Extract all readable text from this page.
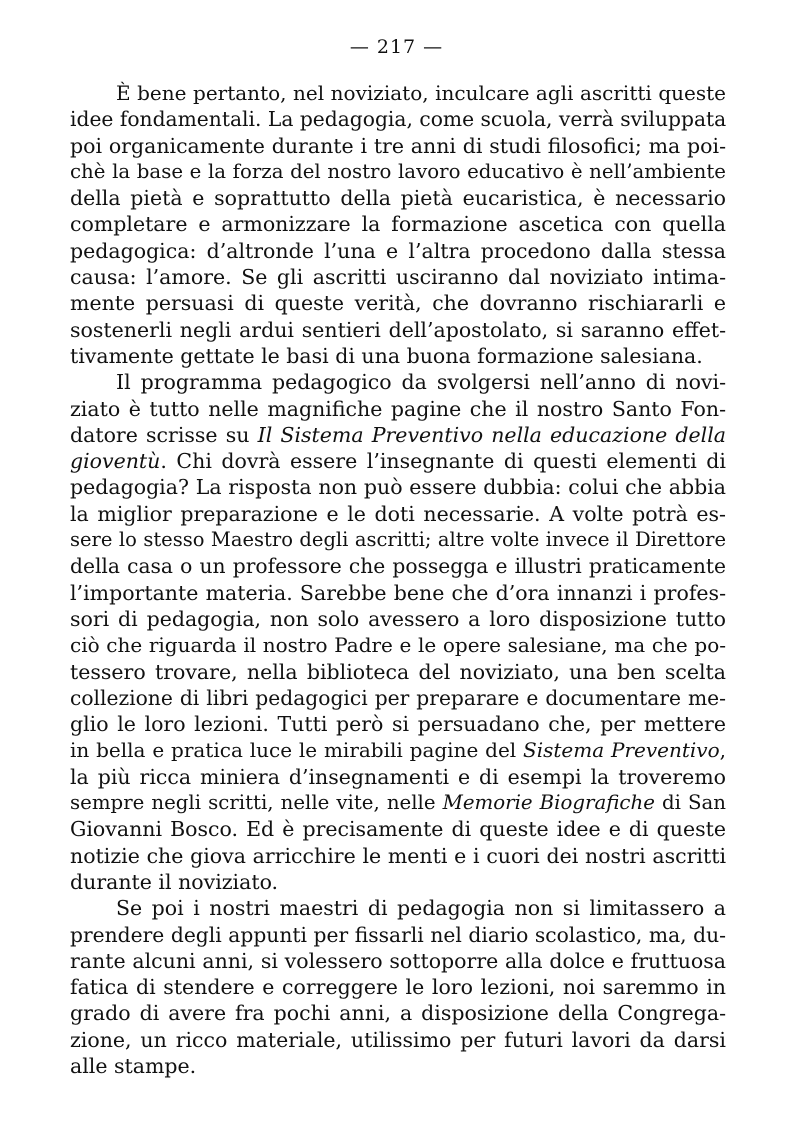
— 217 —
È bene pertanto, nel noviziato, inculcare agli ascritti queste
idee fondamentali. La pedagogia, come scuola, verrà sviluppata
poi organicamente durante i tre anni di studi filosofici; ma poi-
chè la base e la forza del nostro lavoro educativo è nell’ambiente
della pietà e soprattutto della pietà eucaristica, è necessario
completare e armonizzare la formazione ascetica con quella
pedagogica: d’altronde l’una e l’altra procedono dalla stessa
causa: l’amore. Se gli ascritti usciranno dal noviziato intima-
mente persuasi di queste verità, che dovranno rischiararli e
sostenerli negli ardui sentieri dell’apostolato, si saranno effet-
tivamente gettate le basi di una buona formazione salesiana.
Il programma pedagogico da svolgersi nell’anno di novi-
ziato è tutto nelle magnifiche pagine che il nostro Santo Fon-
datore scrisse su Il Sistema Preventivo nella educazione della
gioventù. Chi dovrà essere l’insegnante di questi elementi di
pedagogia? La risposta non può essere dubbia: colui che abbia
la miglior preparazione e le doti necessarie. A volte potrà es-
sere lo stesso Maestro degli ascritti; altre volte invece il Direttore
della casa o un professore che possegga e illustri praticamente
l’importante materia. Sarebbe bene che d’ora innanzi i profes-
sori di pedagogia, non solo avessero a loro disposizione tutto
ciò che riguarda il nostro Padre e le opere salesiane, ma che po-
tessero trovare, nella biblioteca del noviziato, una ben scelta
collezione di libri pedagogici per preparare e documentare me-
glio le loro lezioni. Tutti però si persuadano che, per mettere
in bella e pratica luce le mirabili pagine del Sistema Preventivo,
la più ricca miniera d’insegnamenti e di esempi la troveremo
sempre negli scritti, nelle vite, nelle Memorie Biografiche di San
Giovanni Bosco. Ed è precisamente di queste idee e di queste
notizie che giova arricchire le menti e i cuori dei nostri ascritti
durante il noviziato.
Se poi i nostri maestri di pedagogia non si limitassero a
prendere degli appunti per fissarli nel diario scolastico, ma, du-
rante alcuni anni, si volessero sottoporre alla dolce e fruttuosa
fatica di stendere e correggere le loro lezioni, noi saremmo in
grado di avere fra pochi anni, a disposizione della Congrega-
zione, un ricco materiale, utilissimo per futuri lavori da darsi
alle stampe.
